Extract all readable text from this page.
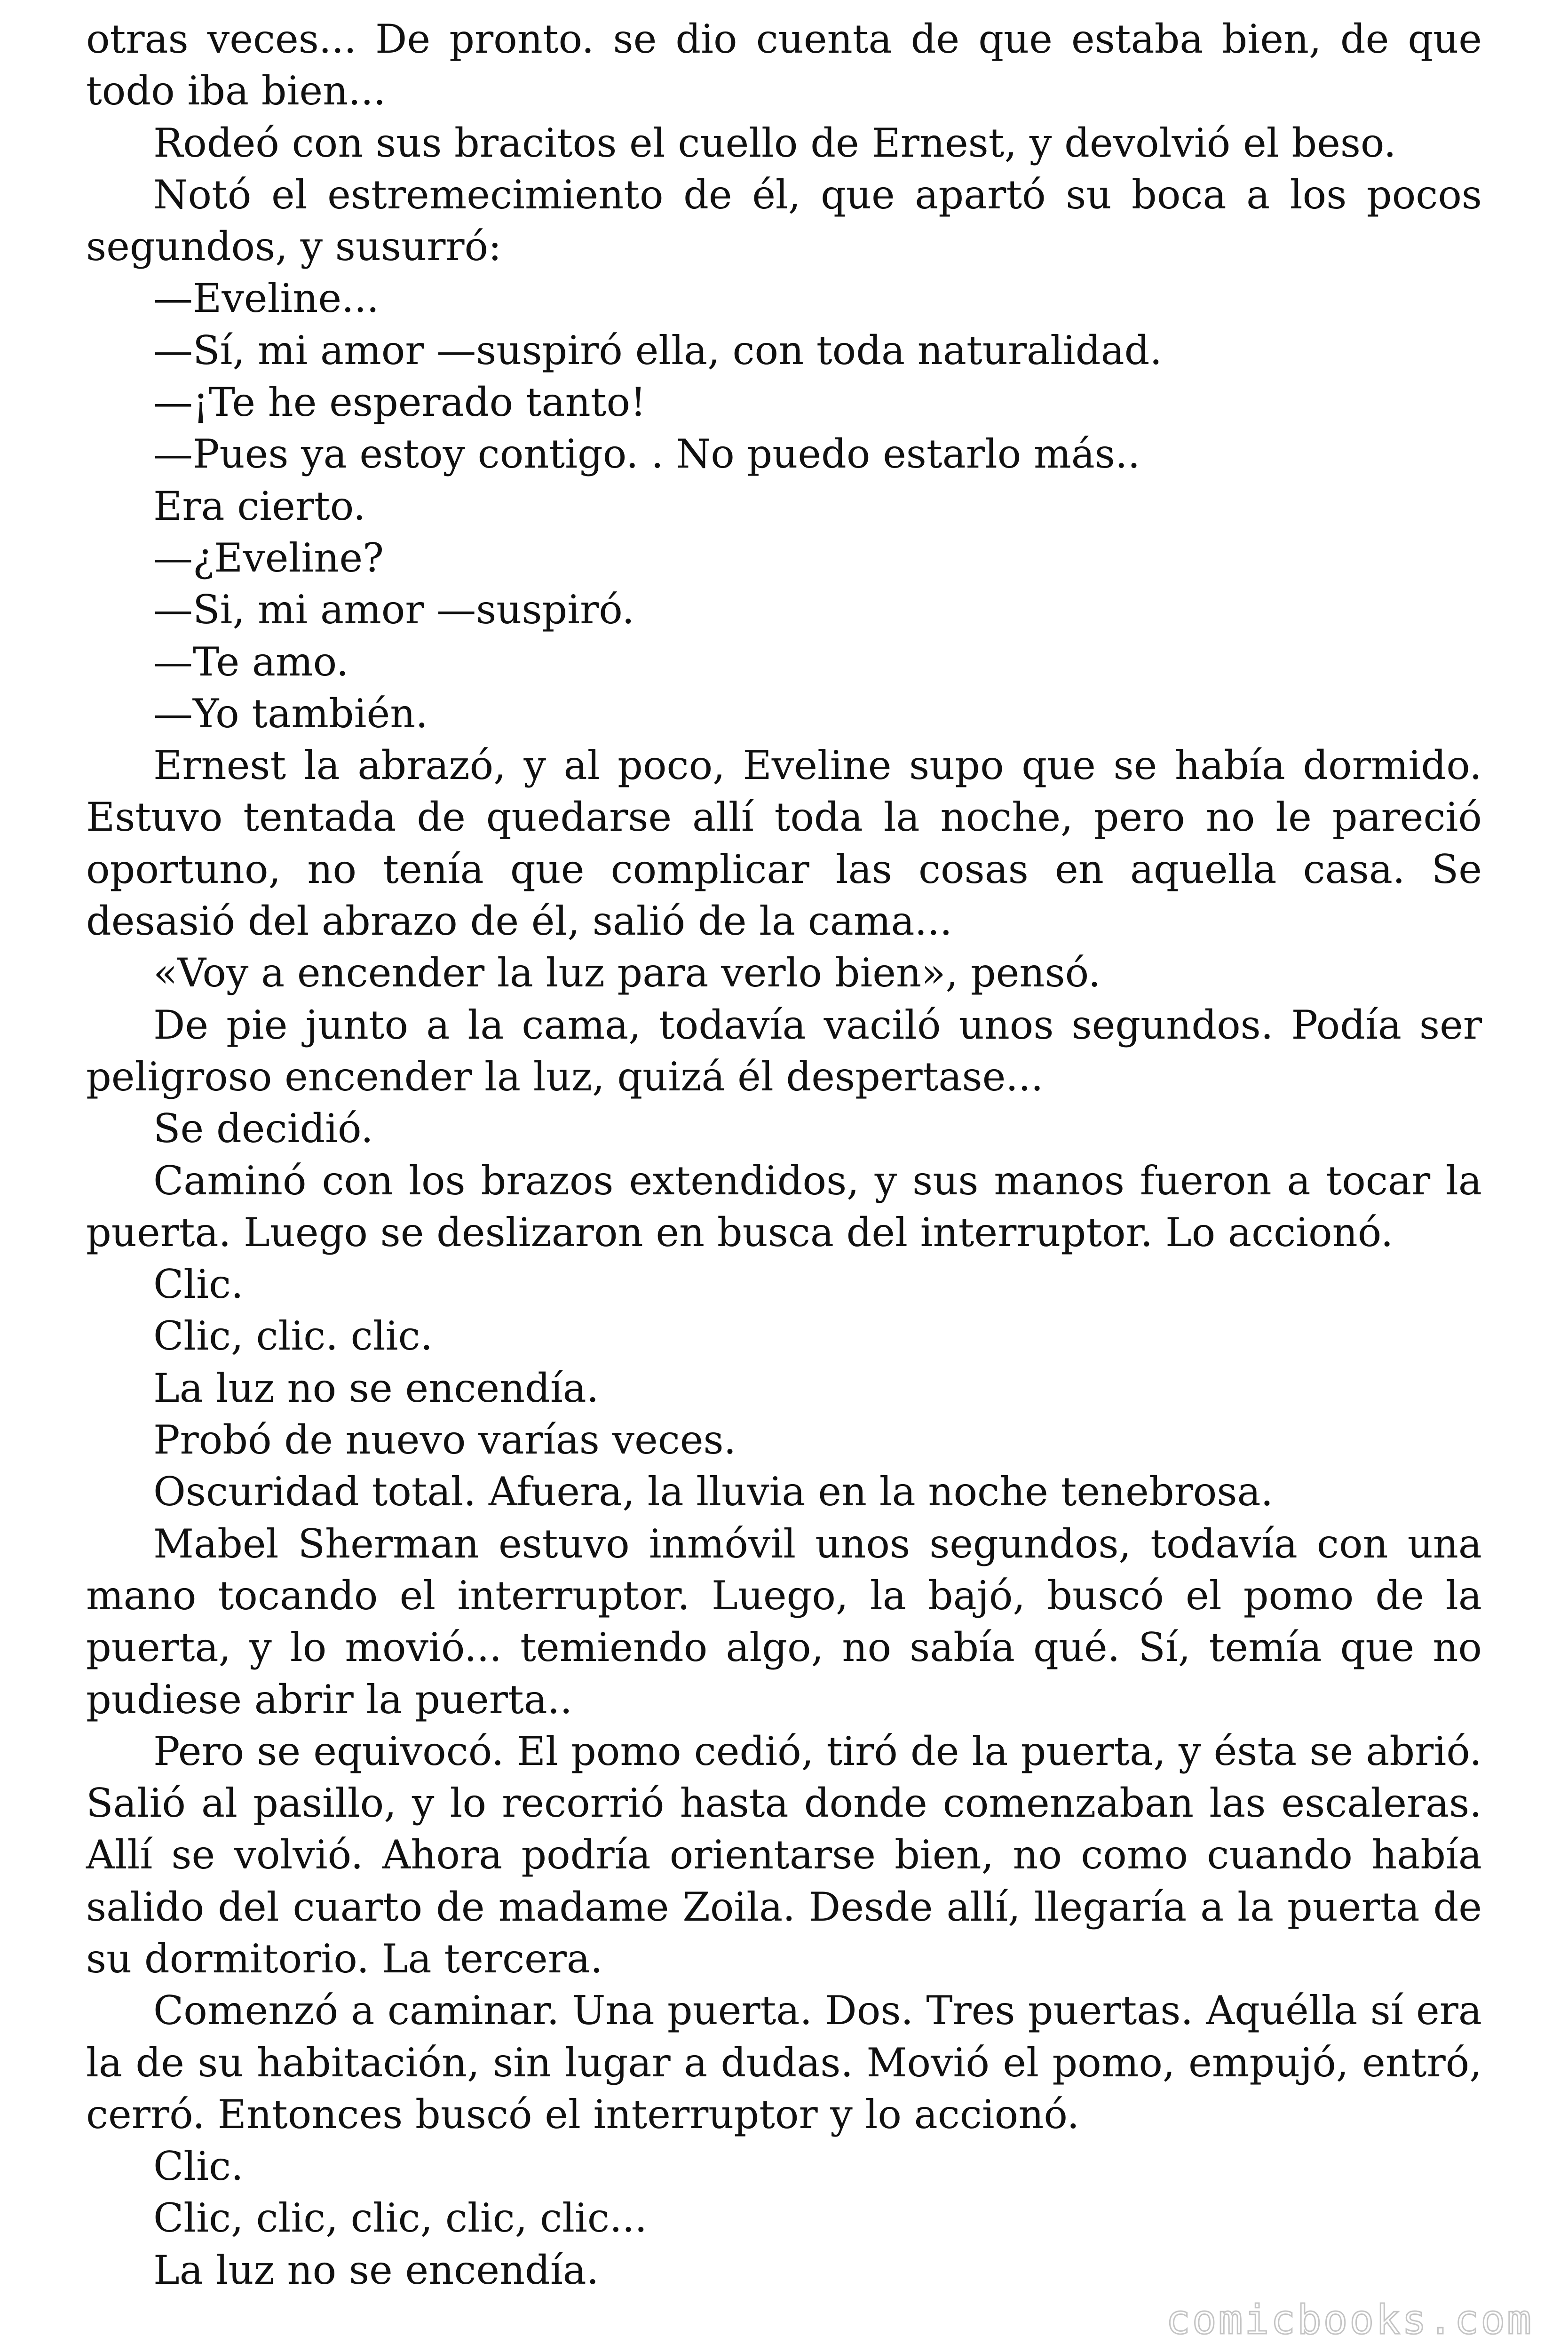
otras veces... De pronto. se dio cuenta de que estaba bien, de que todo iba bien...

Rodeó con sus bracitos el cuello de Ernest, y devolvió el beso.

Notó el estremecimiento de él, que apartó su boca a los pocos segundos, y susurró:

—Eveline...

—Sí, mi amor —suspiró ella, con toda naturalidad.

—¡Te he esperado tanto!

—Pues ya estoy contigo. . No puedo estarlo más..

Era cierto.

—¿Eveline?

—Si, mi amor —suspiró.

—Te amo.

—Yo también.

Ernest la abrazó, y al poco, Eveline supo que se había dormido. Estuvo tentada de quedarse allí toda la noche, pero no le pareció oportuno, no tenía que complicar las cosas en aquella casa. Se desasió del abrazo de él, salió de la cama...

«Voy a encender la luz para verlo bien», pensó.

De pie junto a la cama, todavía vaciló unos segundos. Podía ser peligroso encender la luz, quizá él despertase...

Se decidió.

Caminó con los brazos extendidos, y sus manos fueron a tocar la puerta. Luego se deslizaron en busca del interruptor. Lo accionó.

Clic.

Clic, clic. clic.

La luz no se encendía.

Probó de nuevo varías veces.

Oscuridad total. Afuera, la lluvia en la noche tenebrosa.

Mabel Sherman estuvo inmóvil unos segundos, todavía con una mano tocando el interruptor. Luego, la bajó, buscó el pomo de la puerta, y lo movió... temiendo algo, no sabía qué. Sí, temía que no pudiese abrir la puerta..

Pero se equivocó. El pomo cedió, tiró de la puerta, y ésta se abrió. Salió al pasillo, y lo recorrió hasta donde comenzaban las escaleras. Allí se volvió. Ahora podría orientarse bien, no como cuando había salido del cuarto de madame Zoila. Desde allí, llegaría a la puerta de su dormitorio. La tercera.

Comenzó a caminar. Una puerta. Dos. Tres puertas. Aquélla sí era la de su habitación, sin lugar a dudas. Movió el pomo, empujó, entró, cerró. Entonces buscó el interruptor y lo accionó.

Clic.

Clic, clic, clic, clic, clic...

La luz no se encendía.

comicbooks.com
